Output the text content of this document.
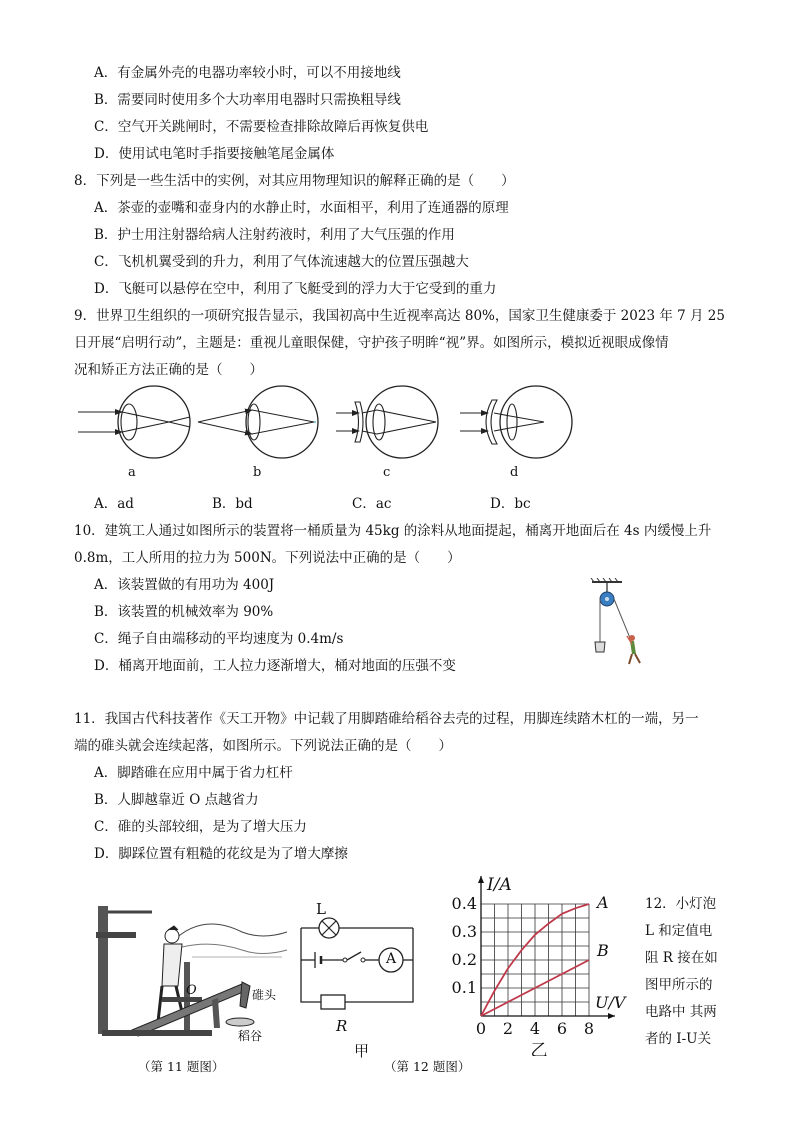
A．有金属外壳的电器功率较小时，可以不用接地线
B．需要同时使用多个大功率用电器时只需换粗导线
C．空气开关跳闸时，不需要检查排除故障后再恢复供电
D．使用试电笔时手指要接触笔尾金属体
8．下列是一些生活中的实例，对其应用物理知识的解释正确的是（　　）
A．茶壶的壶嘴和壶身内的水静止时，水面相平，利用了连通器的原理
B．护士用注射器给病人注射药液时，利用了大气压强的作用
C．飞机机翼受到的升力，利用了气体流速越大的位置压强越大
D．飞艇可以悬停在空中，利用了飞艇受到的浮力大于它受到的重力
9．世界卫生组织的一项研究报告显示，我国初高中生近视率高达 80%，国家卫生健康委于 2023 年 7 月 25
日开展“启明行动”，主题是：重视儿童眼保健，守护孩子明眸“视”界。如图所示，模拟近视眼成像情
况和矫正方法正确的是（　　）
a	b	c	d
A．ad	B．bd	C．ac	D．bc
10．建筑工人通过如图所示的装置将一桶质量为 45kg 的涂料从地面提起，桶离开地面后在 4s 内缓慢上升
0.8m，工人所用的拉力为 500N。下列说法中正确的是（　　）
A．该装置做的有用功为 400J
B．该装置的机械效率为 90%
C．绳子自由端移动的平均速度为 0.4m/s
D．桶离开地面前，工人拉力逐渐增大，桶对地面的压强不变
11．我国古代科技著作《天工开物》中记载了用脚踏碓给稻谷去壳的过程，用脚连续踏木杠的一端，另一
端的碓头就会连续起落，如图所示。下列说法正确的是（　　）
A．脚踏碓在应用中属于省力杠杆
B．人脚越靠近 O 点越省力
C．碓的头部较细，是为了增大压力
D．脚踩位置有粗糙的花纹是为了增大摩擦
O	碓头
稻谷
（第 11 题图）
L
A
R
甲
（第 12 题图）
0 2 4 6 8
0.1
0.2
0.3
0.4
I/A
U/V
乙
A
B
12．小灯泡
L 和定值电
阻 R 接在如
图甲所示的
电路中 其两
者的 I-U关
